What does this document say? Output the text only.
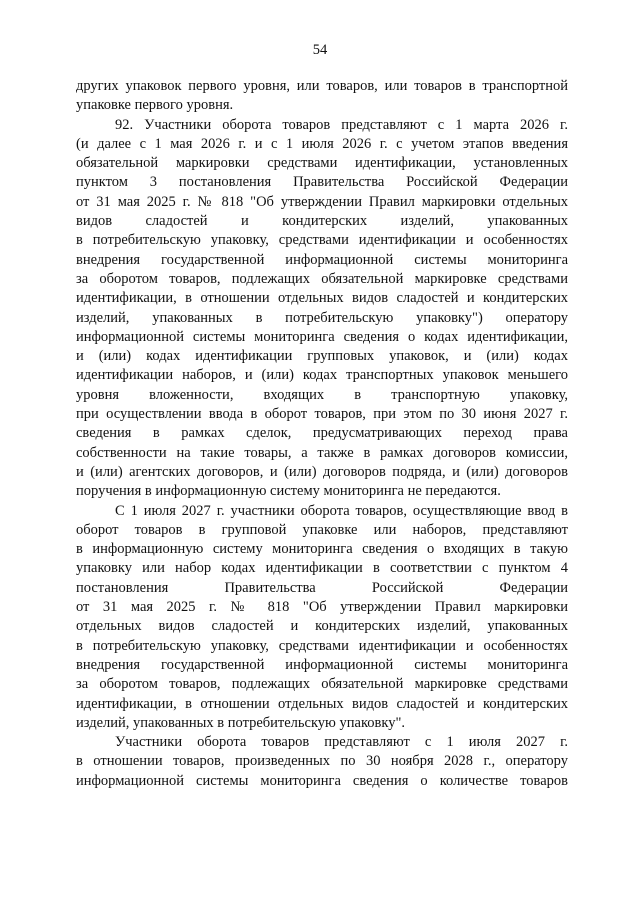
54
других упаковок первого уровня, или товаров, или товаров в транспортной
упаковке первого уровня.
92. Участники оборота товаров представляют с 1 марта 2026 г.
(и далее с 1 мая 2026 г. и с 1 июля 2026 г. с учетом этапов введения
обязательной маркировки средствами идентификации, установленных
пунктом 3 постановления Правительства Российской Федерации
от 31 мая 2025 г. № 818 "Об утверждении Правил маркировки отдельных
видов сладостей и кондитерских изделий, упакованных
в потребительскую упаковку, средствами идентификации и особенностях
внедрения государственной информационной системы мониторинга
за оборотом товаров, подлежащих обязательной маркировке средствами
идентификации, в отношении отдельных видов сладостей и кондитерских
изделий, упакованных в потребительскую упаковку") оператору
информационной системы мониторинга сведения о кодах идентификации,
и (или) кодах идентификации групповых упаковок, и (или) кодах
идентификации наборов, и (или) кодах транспортных упаковок меньшего
уровня вложенности, входящих в транспортную упаковку,
при осуществлении ввода в оборот товаров, при этом по 30 июня 2027 г.
сведения в рамках сделок, предусматривающих переход права
собственности на такие товары, а также в рамках договоров комиссии,
и (или) агентских договоров, и (или) договоров подряда, и (или) договоров
поручения в информационную систему мониторинга не передаются.
С 1 июля 2027 г. участники оборота товаров, осуществляющие ввод в
оборот товаров в групповой упаковке или наборов, представляют
в информационную систему мониторинга сведения о входящих в такую
упаковку или набор кодах идентификации в соответствии с пунктом 4
постановления Правительства Российской Федерации
от 31 мая 2025 г. № 818 "Об утверждении Правил маркировки
отдельных видов сладостей и кондитерских изделий, упакованных
в потребительскую упаковку, средствами идентификации и особенностях
внедрения государственной информационной системы мониторинга
за оборотом товаров, подлежащих обязательной маркировке средствами
идентификации, в отношении отдельных видов сладостей и кондитерских
изделий, упакованных в потребительскую упаковку".
Участники оборота товаров представляют с 1 июля 2027 г.
в отношении товаров, произведенных по 30 ноября 2028 г., оператору
информационной системы мониторинга сведения о количестве товаров
